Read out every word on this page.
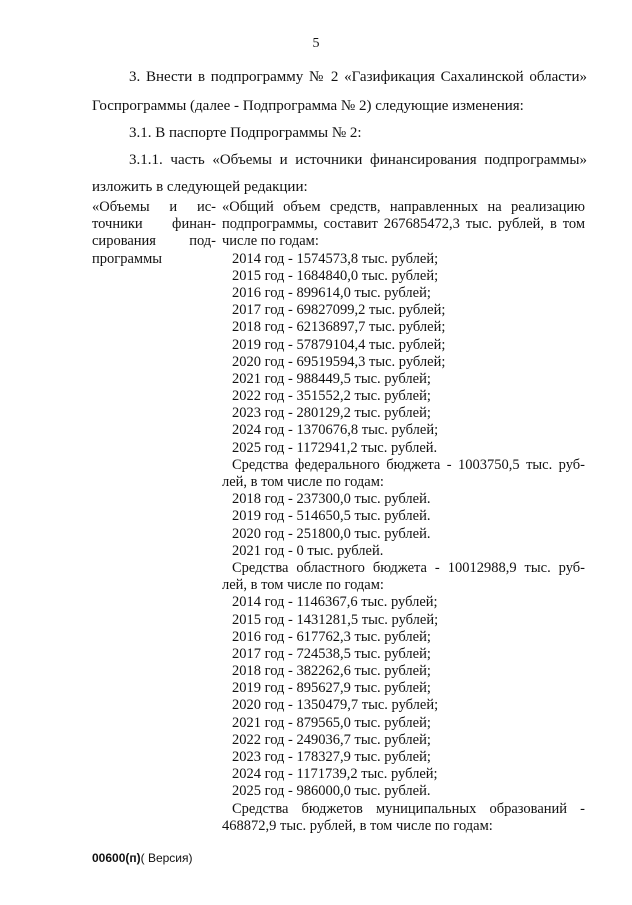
5
3. Внести в подпрограмму № 2 «Газификация Сахалинской области»
Госпрограммы (далее - Подпрограмма № 2) следующие изменения:
3.1. В паспорте Подпрограммы № 2:
3.1.1. часть «Объемы и источники финансирования подпрограммы»
изложить в следующей редакции:
«Объемы и ис-
точники финан-
сирования под-
программы
«Общий объем средств, направленных на реализацию
подпрограммы, составит 267685472,3 тыс. рублей, в том
числе по годам:
2014 год - 1574573,8 тыс. рублей;
2015 год - 1684840,0 тыс. рублей;
2016 год - 899614,0 тыс. рублей;
2017 год - 69827099,2 тыс. рублей;
2018 год - 62136897,7 тыс. рублей;
2019 год - 57879104,4 тыс. рублей;
2020 год - 69519594,3 тыс. рублей;
2021 год - 988449,5 тыс. рублей;
2022 год - 351552,2 тыс. рублей;
2023 год - 280129,2 тыс. рублей;
2024 год - 1370676,8 тыс. рублей;
2025 год - 1172941,2 тыс. рублей.
Средства федерального бюджета - 1003750,5 тыс. руб-
лей, в том числе по годам:
2018 год - 237300,0 тыс. рублей.
2019 год - 514650,5 тыс. рублей.
2020 год - 251800,0 тыс. рублей.
2021 год - 0 тыс. рублей.
Средства областного бюджета - 10012988,9 тыс. руб-
лей, в том числе по годам:
2014 год - 1146367,6 тыс. рублей;
2015 год - 1431281,5 тыс. рублей;
2016 год - 617762,3 тыс. рублей;
2017 год - 724538,5 тыс. рублей;
2018 год - 382262,6 тыс. рублей;
2019 год - 895627,9 тыс. рублей;
2020 год - 1350479,7 тыс. рублей;
2021 год - 879565,0 тыс. рублей;
2022 год - 249036,7 тыс. рублей;
2023 год - 178327,9 тыс. рублей;
2024 год - 1171739,2 тыс. рублей;
2025 год - 986000,0 тыс. рублей.
Средства бюджетов муниципальных образований -
468872,9 тыс. рублей, в том числе по годам:
00600(п)( Версия)
